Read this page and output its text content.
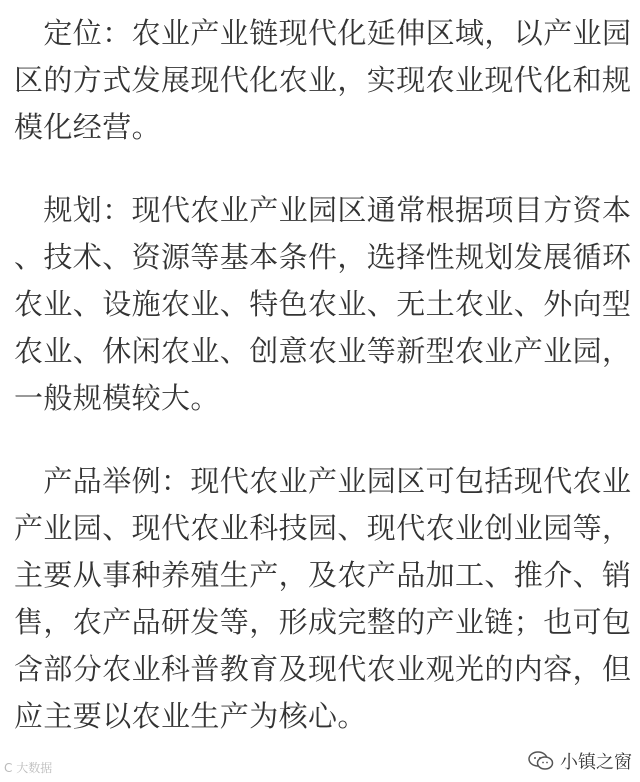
　定位：农业产业链现代化延伸区域，以产业园
区的方式发展现代化农业，实现农业现代化和规
模化经营。

　规划：现代农业产业园区通常根据项目方资本
、技术、资源等基本条件，选择性规划发展循环
农业、设施农业、特色农业、无土农业、外向型
农业、休闲农业、创意农业等新型农业产业园，
一般规模较大。

　产品举例：现代农业产业园区可包括现代农业
产业园、现代农业科技园、现代农业创业园等，
主要从事种养殖生产，及农产品加工、推介、销
售，农产品研发等，形成完整的产业链；也可包
含部分农业科普教育及现代农业观光的内容，但
应主要以农业生产为核心。

C 大数据	小镇之窗
